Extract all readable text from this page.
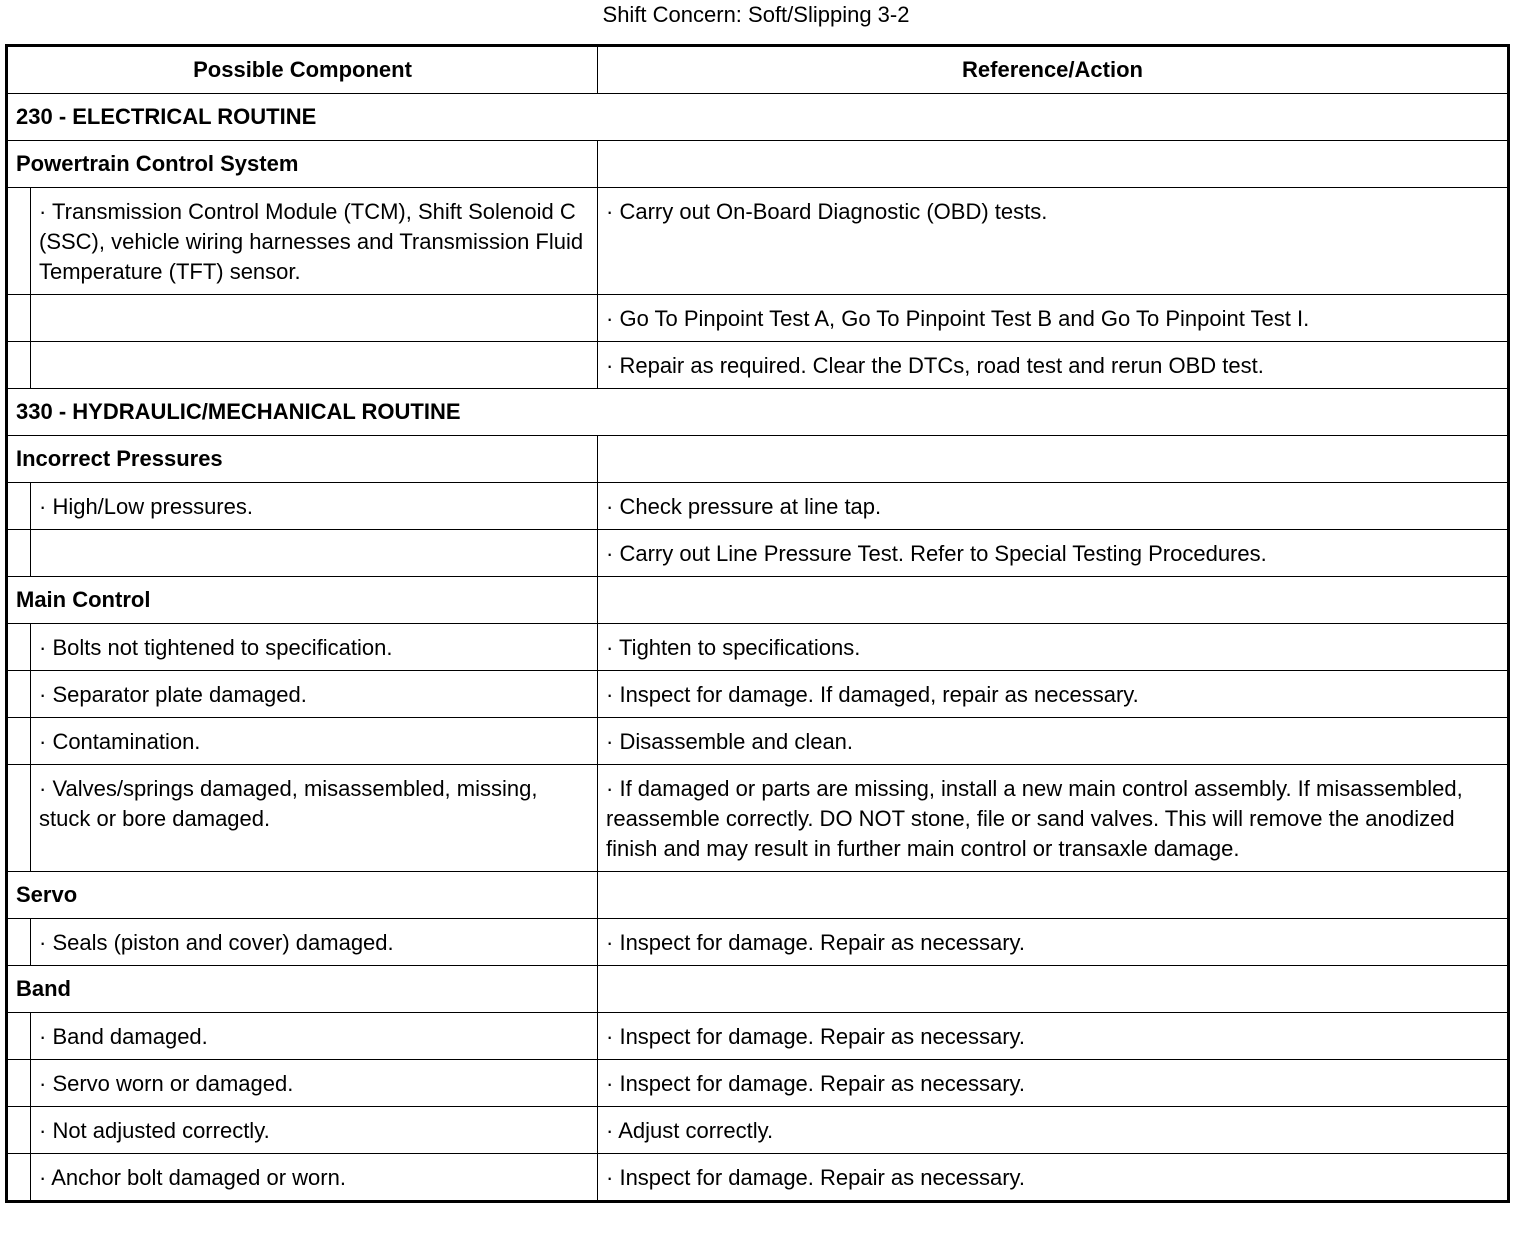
Shift Concern: Soft/Slipping 3-2
Possible Component		Reference/Action
230 - ELECTRICAL ROUTINE		
Powertrain Control System		
	· Transmission Control Module (TCM), Shift Solenoid C (SSC), vehicle wiring harnesses and Transmission Fluid Temperature (TFT) sensor.	· Carry out On-Board Diagnostic (OBD) tests.
		· Go To Pinpoint Test A, Go To Pinpoint Test B and Go To Pinpoint Test I.
		· Repair as required. Clear the DTCs, road test and rerun OBD test.
330 - HYDRAULIC/MECHANICAL ROUTINE		
Incorrect Pressures		
	· High/Low pressures.	· Check pressure at line tap.
		· Carry out Line Pressure Test. Refer to Special Testing Procedures.
Main Control		
	· Bolts not tightened to specification.	· Tighten to specifications.
	· Separator plate damaged.	· Inspect for damage. If damaged, repair as necessary.
	· Contamination.	· Disassemble and clean.
	· Valves/springs damaged, misassembled, missing, stuck or bore damaged.	· If damaged or parts are missing, install a new main control assembly. If misassembled, reassemble correctly. DO NOT stone, file or sand valves. This will remove the anodized finish and may result in further main control or transaxle damage.
Servo		
	· Seals (piston and cover) damaged.	· Inspect for damage. Repair as necessary.
Band		
	· Band damaged.	· Inspect for damage. Repair as necessary.
	· Servo worn or damaged.	· Inspect for damage. Repair as necessary.
	· Not adjusted correctly.	· Adjust correctly.
	· Anchor bolt damaged or worn.	· Inspect for damage. Repair as necessary.
